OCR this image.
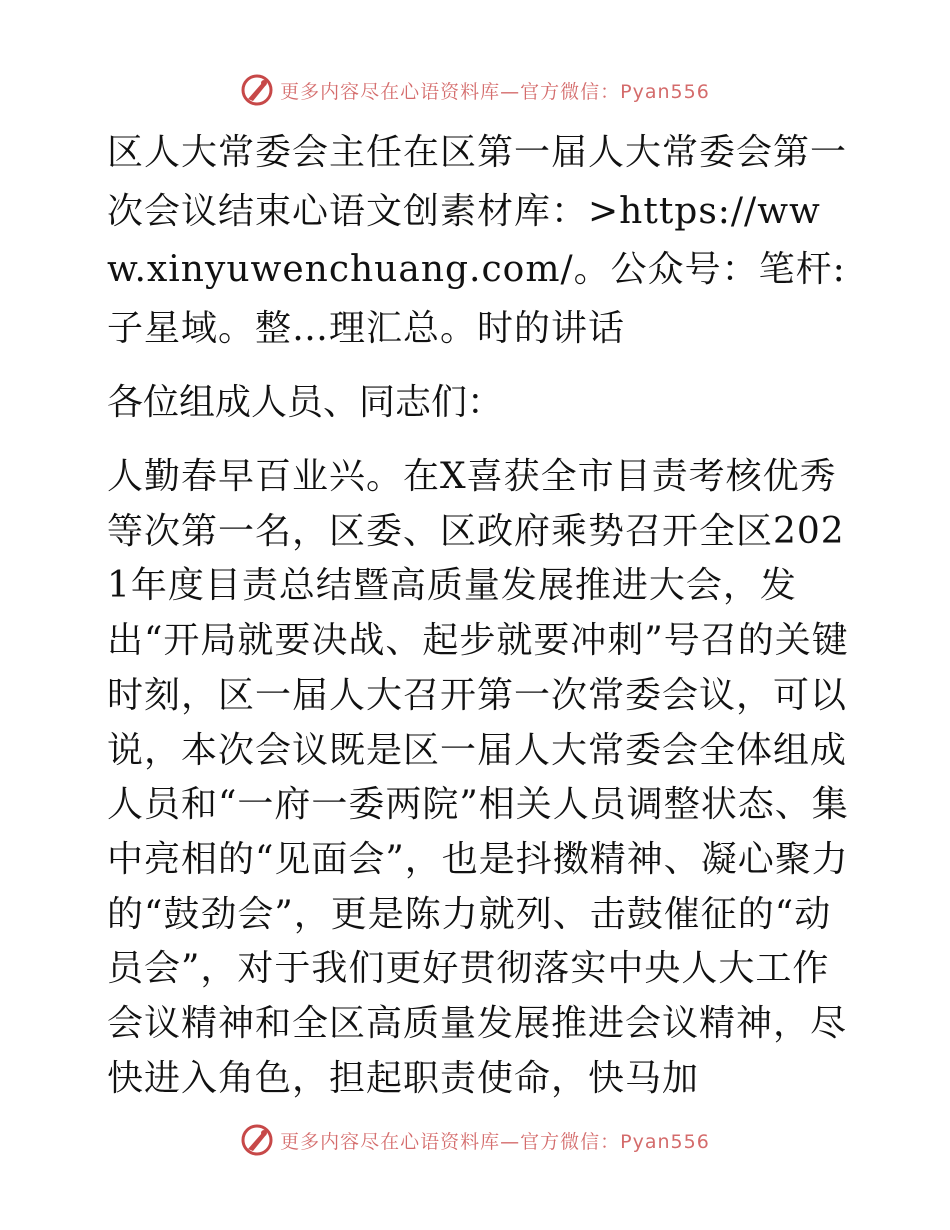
更多内容尽在心语资料库—官方微信：Pyan556

区人大常委会主任在区第一届人大常委会第一次会议结束心语文创素材库：>https://www.xinyuwenchuang.com/。公众号：笔杆:子星域。整…理汇总。时的讲话

各位组成人员、同志们：

人勤春早百业兴。在X喜获全市目责考核优秀等次第一名，区委、区政府乘势召开全区2021年度目责总结暨高质量发展推进大会，发出“开局就要决战、起步就要冲刺”号召的关键时刻，区一届人大召开第一次常委会议，可以说，本次会议既是区一届人大常委会全体组成人员和“一府一委两院”相关人员调整状态、集中亮相的“见面会”，也是抖擞精神、凝心聚力的“鼓劲会”，更是陈力就列、击鼓催征的“动员会”，对于我们更好贯彻落实中央人大工作会议精神和全区高质量发展推进会议精神，尽快进入角色，担起职责使命，快马加

更多内容尽在心语资料库—官方微信：Pyan556
